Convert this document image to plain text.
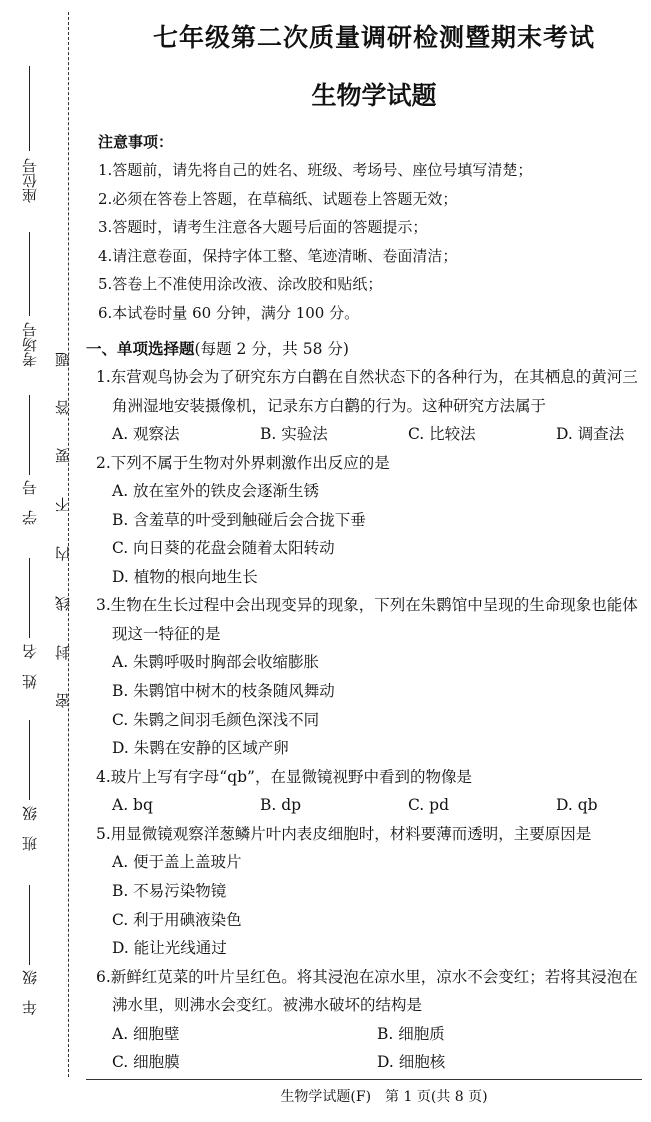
座位号
考场号
学　号
姓　名
班　级
年　级
题
答
要
不
内
线
封
密
七年级第二次质量调研检测暨期末考试
生物学试题
注意事项：
1.答题前，请先将自己的姓名、班级、考场号、座位号填写清楚；
2.必须在答卷上答题，在草稿纸、试题卷上答题无效；
3.答题时，请考生注意各大题号后面的答题提示；
4.请注意卷面，保持字体工整、笔迹清晰、卷面清洁；
5.答卷上不准使用涂改液、涂改胶和贴纸；
6.本试卷时量 60 分钟，满分 100 分。
一、单项选择题(每题 2 分，共 58 分)
1.东营观鸟协会为了研究东方白鹳在自然状态下的各种行为，在其栖息的黄河三角洲湿地安装摄像机，记录东方白鹳的行为。这种研究方法属于
A. 观察法	B. 实验法	C. 比较法	D. 调查法
2.下列不属于生物对外界刺激作出反应的是
A. 放在室外的铁皮会逐渐生锈
B. 含羞草的叶受到触碰后会合拢下垂
C. 向日葵的花盘会随着太阳转动
D. 植物的根向地生长
3.生物在生长过程中会出现变异的现象，下列在朱鹮馆中呈现的生命现象也能体现这一特征的是
A. 朱鹮呼吸时胸部会收缩膨胀
B. 朱鹮馆中树木的枝条随风舞动
C. 朱鹮之间羽毛颜色深浅不同
D. 朱鹮在安静的区域产卵
4.玻片上写有字母“qb”，在显微镜视野中看到的物像是
A. bq	B. dp	C. pd	D. qb
5.用显微镜观察洋葱鳞片叶内表皮细胞时，材料要薄而透明，主要原因是
A. 便于盖上盖玻片
B. 不易污染物镜
C. 利于用碘液染色
D. 能让光线通过
6.新鲜红苋菜的叶片呈红色。将其浸泡在凉水里，凉水不会变红；若将其浸泡在沸水里，则沸水会变红。被沸水破坏的结构是
A. 细胞壁	B. 细胞质
C. 细胞膜	D. 细胞核
生物学试题(F)　第 1 页(共 8 页)
